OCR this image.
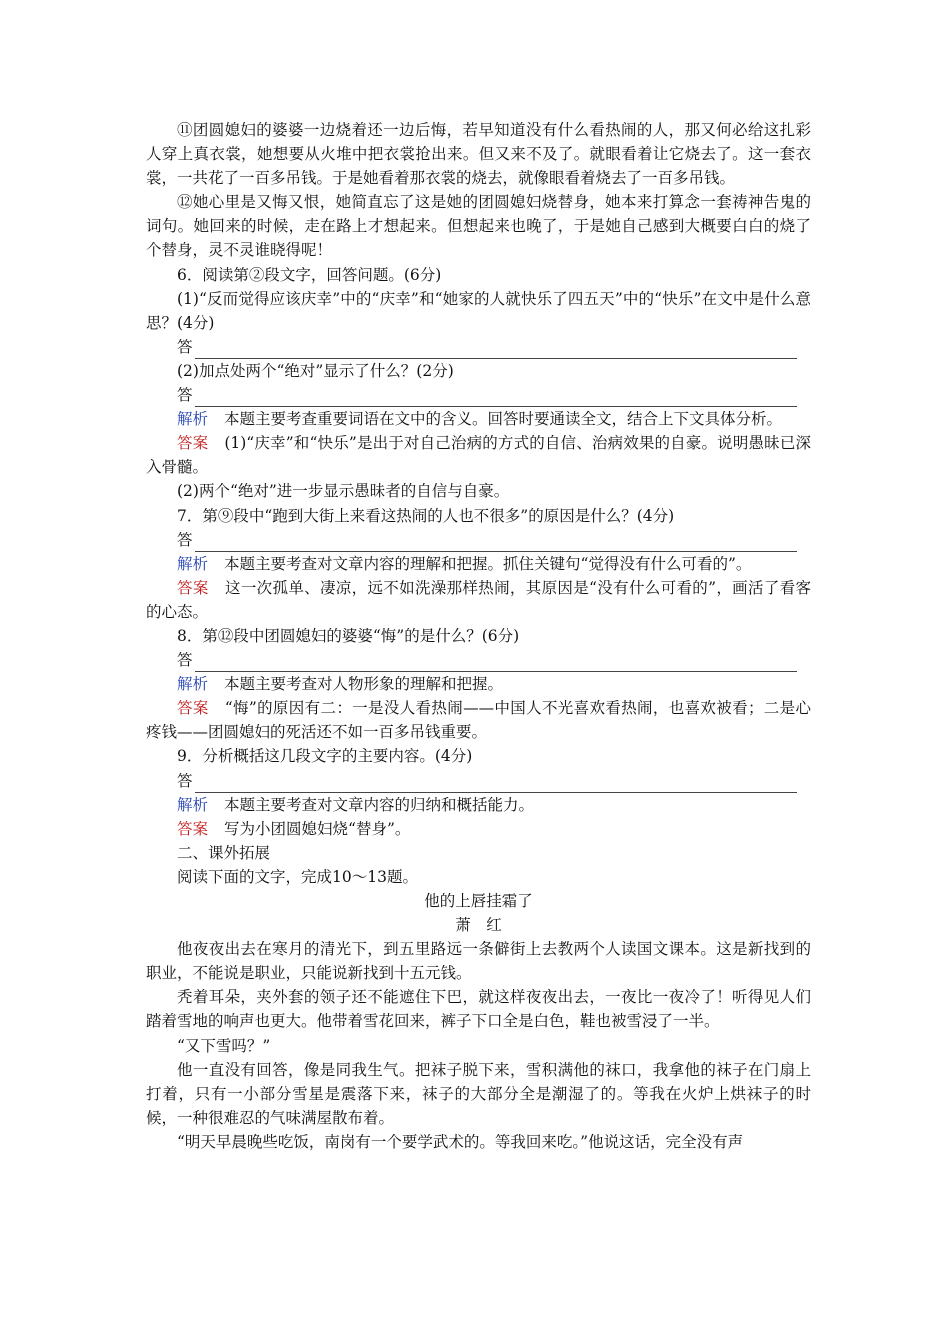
⑪团圆媳妇的婆婆一边烧着还一边后悔，若早知道没有什么看热闹的人，那又何必给这扎彩人穿上真衣裳，她想要从火堆中把衣裳抢出来。但又来不及了。就眼看着让它烧去了。这一套衣裳，一共花了一百多吊钱。于是她看着那衣裳的烧去，就像眼看着烧去了一百多吊钱。

⑫她心里是又悔又恨，她简直忘了这是她的团圆媳妇烧替身，她本来打算念一套祷神告鬼的词句。她回来的时候，走在路上才想起来。但想起来也晚了，于是她自己感到大概要白白的烧了个替身，灵不灵谁晓得呢！

6．阅读第②段文字，回答问题。(6分)

(1)“反而觉得应该庆幸”中的“庆幸”和“她家的人就快乐了四五天”中的“快乐”在文中是什么意思？(4分)

答

(2)加点处两个“绝对”显示了什么？(2分)

答

解析 本题主要考查重要词语在文中的含义。回答时要通读全文，结合上下文具体分析。

答案 (1)“庆幸”和“快乐”是出于对自己治病的方式的自信、治病效果的自豪。说明愚昧已深入骨髓。

(2)两个“绝对”进一步显示愚昧者的自信与自豪。

7．第⑨段中“跑到大街上来看这热闹的人也不很多”的原因是什么？(4分)

答

解析 本题主要考查对文章内容的理解和把握。抓住关键句“觉得没有什么可看的”。

答案 这一次孤单、凄凉，远不如洗澡那样热闹，其原因是“没有什么可看的”，画活了看客的心态。

8．第⑫段中团圆媳妇的婆婆“悔”的是什么？(6分)

答

解析 本题主要考查对人物形象的理解和把握。

答案 “悔”的原因有二：一是没人看热闹——中国人不光喜欢看热闹，也喜欢被看；二是心疼钱——团圆媳妇的死活还不如一百多吊钱重要。

9．分析概括这几段文字的主要内容。(4分)

答

解析 本题主要考查对文章内容的归纳和概括能力。

答案 写为小团圆媳妇烧“替身”。

二、课外拓展

阅读下面的文字，完成10～13题。

他的上唇挂霜了

萧　红

他夜夜出去在寒月的清光下，到五里路远一条僻街上去教两个人读国文课本。这是新找到的职业，不能说是职业，只能说新找到十五元钱。

秃着耳朵，夹外套的领子还不能遮住下巴，就这样夜夜出去，一夜比一夜冷了！听得见人们踏着雪地的响声也更大。他带着雪花回来，裤子下口全是白色，鞋也被雪浸了一半。

“又下雪吗？”

他一直没有回答，像是同我生气。把袜子脱下来，雪积满他的袜口，我拿他的袜子在门扇上打着，只有一小部分雪星是震落下来，袜子的大部分全是潮湿了的。等我在火炉上烘袜子的时候，一种很难忍的气味满屋散布着。

“明天早晨晚些吃饭，南岗有一个要学武术的。等我回来吃。”他说这话，完全没有声
